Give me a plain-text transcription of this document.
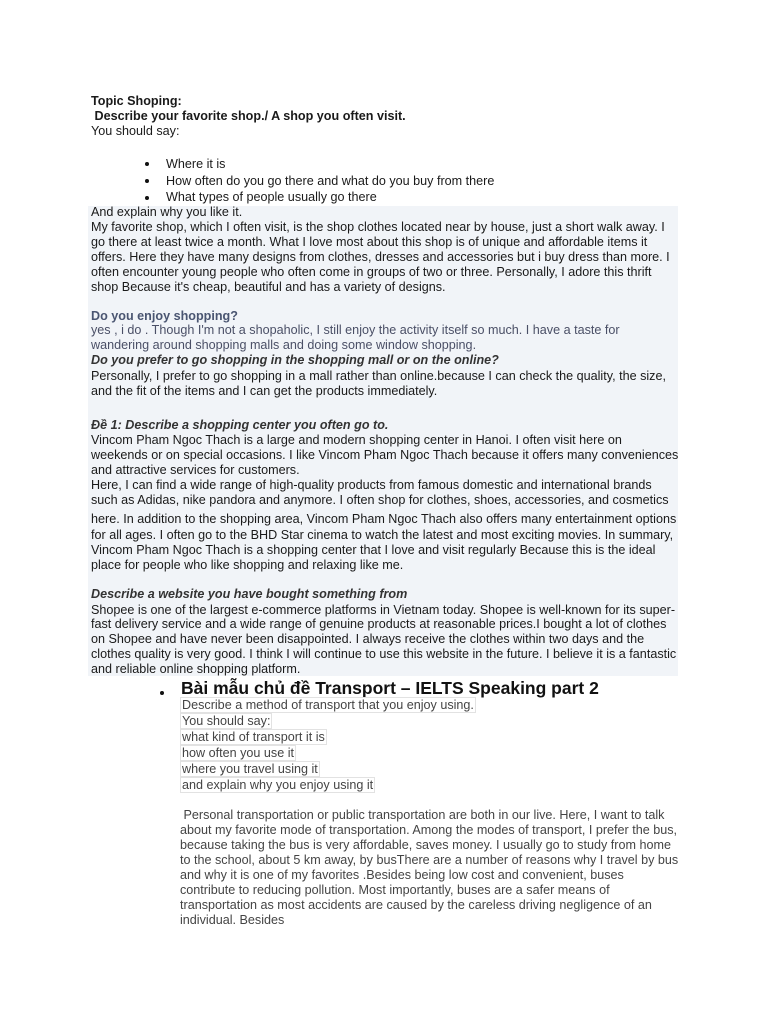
Topic Shoping:
Describe your favorite shop./ A shop you often visit.
You should say:
Where it is
How often do you go there and what do you buy from there
What types of people usually go there
And explain why you like it.
My favorite shop, which I often visit, is the shop clothes located near by house, just a short walk away. I
go there at least twice a month. What I love most about this shop is of unique and affordable items it
offers. Here they have many designs from clothes, dresses and accessories but i buy dress than more. I
often encounter young people who often come in groups of two or three. Personally, I adore this thrift
shop Because it's cheap, beautiful and has a variety of designs.
Do you enjoy shopping?
yes , i do . Though I'm not a shopaholic, I still enjoy the activity itself so much. I have a taste for
wandering around shopping malls and doing some window shopping.
Do you prefer to go shopping in the shopping mall or on the online?
Personally, I prefer to go shopping in a mall rather than online.because I can check the quality, the size,
and the fit of the items and I can get the products immediately.
Đề 1: Describe a shopping center you often go to.
Vincom Pham Ngoc Thach is a large and modern shopping center in Hanoi. I often visit here on
weekends or on special occasions. I like Vincom Pham Ngoc Thach because it offers many conveniences
and attractive services for customers.
Here, I can find a wide range of high-quality products from famous domestic and international brands
such as Adidas, nike pandora and anymore. I often shop for clothes, shoes, accessories, and cosmetics
here. In addition to the shopping area, Vincom Pham Ngoc Thach also offers many entertainment options
for all ages. I often go to the BHD Star cinema to watch the latest and most exciting movies. In summary,
Vincom Pham Ngoc Thach is a shopping center that I love and visit regularly Because this is the ideal
place for people who like shopping and relaxing like me.
Describe a website you have bought something from
Shopee is one of the largest e-commerce platforms in Vietnam today. Shopee is well-known for its super-
fast delivery service and a wide range of genuine products at reasonable prices.I bought a lot of clothes
on Shopee and have never been disappointed. I always receive the clothes within two days and the
clothes quality is very good. I think I will continue to use this website in the future. I believe it is a fantastic
and reliable online shopping platform.
Bài mẫu chủ đề Transport – IELTS Speaking part 2
Describe a method of transport that you enjoy using.
You should say:
what kind of transport it is
how often you use it
where you travel using it
and explain why you enjoy using it
Personal transportation or public transportation are both in our live. Here, I want to talk
about my favorite mode of transportation. Among the modes of transport, I prefer the bus,
because taking the bus is very affordable, saves money. I usually go to study from home
to the school, about 5 km away, by busThere are a number of reasons why I travel by bus
and why it is one of my favorites .Besides being low cost and convenient, buses
contribute to reducing pollution. Most importantly, buses are a safer means of
transportation as most accidents are caused by the careless driving negligence of an
individual. Besides
